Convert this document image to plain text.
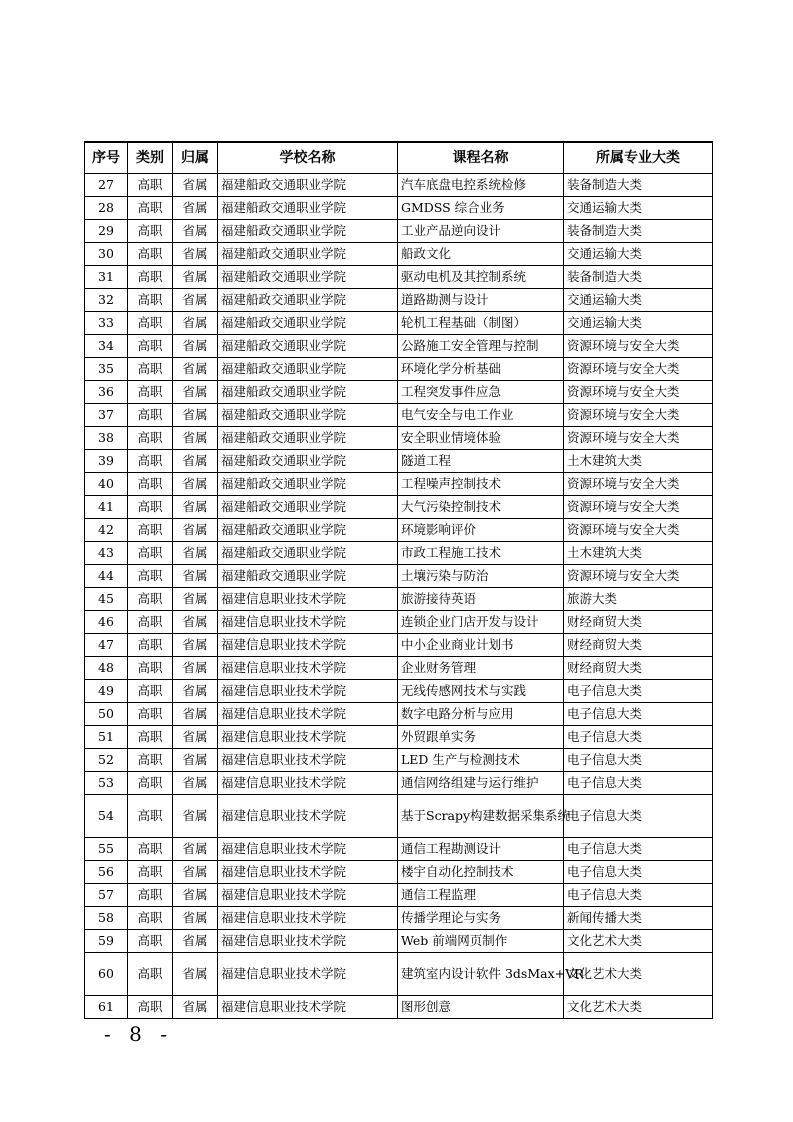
序号	类别	归属	学校名称	课程名称	所属专业大类
27	高职	省属	福建船政交通职业学院	汽车底盘电控系统检修	装备制造大类
28	高职	省属	福建船政交通职业学院	GMDSS 综合业务	交通运输大类
29	高职	省属	福建船政交通职业学院	工业产品逆向设计	装备制造大类
30	高职	省属	福建船政交通职业学院	船政文化	交通运输大类
31	高职	省属	福建船政交通职业学院	驱动电机及其控制系统	装备制造大类
32	高职	省属	福建船政交通职业学院	道路勘测与设计	交通运输大类
33	高职	省属	福建船政交通职业学院	轮机工程基础（制图）	交通运输大类
34	高职	省属	福建船政交通职业学院	公路施工安全管理与控制	资源环境与安全大类
35	高职	省属	福建船政交通职业学院	环境化学分析基础	资源环境与安全大类
36	高职	省属	福建船政交通职业学院	工程突发事件应急	资源环境与安全大类
37	高职	省属	福建船政交通职业学院	电气安全与电工作业	资源环境与安全大类
38	高职	省属	福建船政交通职业学院	安全职业情境体验	资源环境与安全大类
39	高职	省属	福建船政交通职业学院	隧道工程	土木建筑大类
40	高职	省属	福建船政交通职业学院	工程噪声控制技术	资源环境与安全大类
41	高职	省属	福建船政交通职业学院	大气污染控制技术	资源环境与安全大类
42	高职	省属	福建船政交通职业学院	环境影响评价	资源环境与安全大类
43	高职	省属	福建船政交通职业学院	市政工程施工技术	土木建筑大类
44	高职	省属	福建船政交通职业学院	土壤污染与防治	资源环境与安全大类
45	高职	省属	福建信息职业技术学院	旅游接待英语	旅游大类
46	高职	省属	福建信息职业技术学院	连锁企业门店开发与设计	财经商贸大类
47	高职	省属	福建信息职业技术学院	中小企业商业计划书	财经商贸大类
48	高职	省属	福建信息职业技术学院	企业财务管理	财经商贸大类
49	高职	省属	福建信息职业技术学院	无线传感网技术与实践	电子信息大类
50	高职	省属	福建信息职业技术学院	数字电路分析与应用	电子信息大类
51	高职	省属	福建信息职业技术学院	外贸跟单实务	电子信息大类
52	高职	省属	福建信息职业技术学院	LED 生产与检测技术	电子信息大类
53	高职	省属	福建信息职业技术学院	通信网络组建与运行维护	电子信息大类
54	高职	省属	福建信息职业技术学院	基于Scrapy构建数据采集系统	电子信息大类
55	高职	省属	福建信息职业技术学院	通信工程勘测设计	电子信息大类
56	高职	省属	福建信息职业技术学院	楼宇自动化控制技术	电子信息大类
57	高职	省属	福建信息职业技术学院	通信工程监理	电子信息大类
58	高职	省属	福建信息职业技术学院	传播学理论与实务	新闻传播大类
59	高职	省属	福建信息职业技术学院	Web 前端网页制作	文化艺术大类
60	高职	省属	福建信息职业技术学院	建筑室内设计软件 3dsMax+VR	文化艺术大类
61	高职	省属	福建信息职业技术学院	图形创意	文化艺术大类
- 8 -
